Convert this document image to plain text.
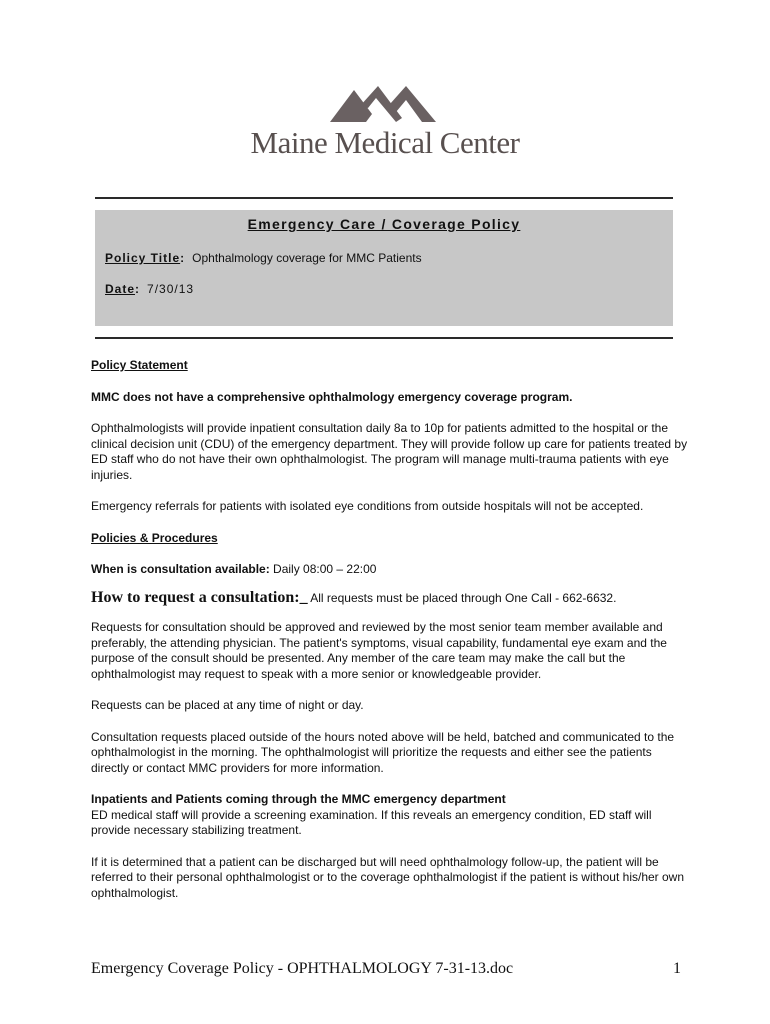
Maine Medical Center
Emergency Care / Coverage Policy
Policy Title: Ophthalmology coverage for MMC Patients
Date: 7/30/13

Policy Statement

MMC does not have a comprehensive ophthalmology emergency coverage program.

Ophthalmologists will provide inpatient consultation daily 8a to 10p for patients admitted to the hospital or the clinical decision unit (CDU) of the emergency department. They will provide follow up care for patients treated by ED staff who do not have their own ophthalmologist. The program will manage multi-trauma patients with eye injuries.

Emergency referrals for patients with isolated eye conditions from outside hospitals will not be accepted.

Policies & Procedures

When is consultation available: Daily 08:00 – 22:00

How to request a consultation:_ All requests must be placed through One Call - 662-6632.

Requests for consultation should be approved and reviewed by the most senior team member available and preferably, the attending physician. The patient's symptoms, visual capability, fundamental eye exam and the purpose of the consult should be presented. Any member of the care team may make the call but the ophthalmologist may request to speak with a more senior or knowledgeable provider.

Requests can be placed at any time of night or day.

Consultation requests placed outside of the hours noted above will be held, batched and communicated to the ophthalmologist in the morning. The ophthalmologist will prioritize the requests and either see the patients directly or contact MMC providers for more information.

Inpatients and Patients coming through the MMC emergency department

ED medical staff will provide a screening examination. If this reveals an emergency condition, ED staff will provide necessary stabilizing treatment.

If it is determined that a patient can be discharged but will need ophthalmology follow-up, the patient will be referred to their personal ophthalmologist or to the coverage ophthalmologist if the patient is without his/her own ophthalmologist.

Emergency Coverage Policy - OPHTHALMOLOGY 7-31-13.doc	1
